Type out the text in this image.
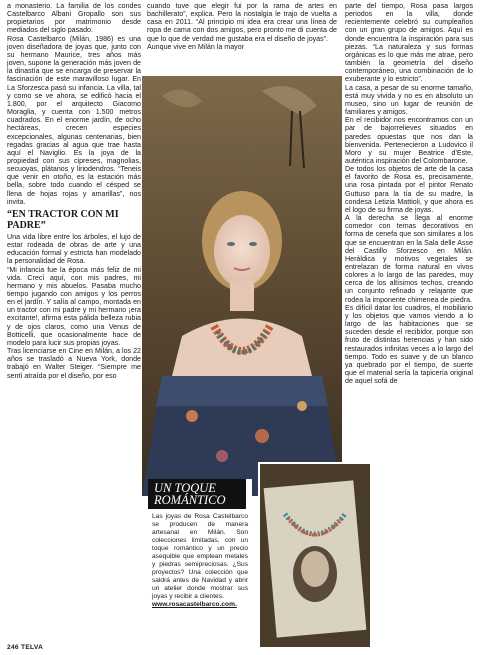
a monasterio. La familia de los condes Castelbarco Albani Gropallo son sus propietarios por matrimonio desde mediados del siglo pasado.

Rosa Castelbarco (Milán, 1986) es una joven diseñadora de joyas que, junto con su hermano Maurice, tres años más joven, supone la generación más joven de la dinastía que se encarga de preservar la fascinación de este maravilloso lugar. En La Sforzesca pasó su infancia. La villa, tal y como se ve ahora, se edificó hacia el 1.800, por el arquitecto Giacomo Moraglia, y cuenta con 1.500 metros cuadrados. En el enorme jardín, de ocho hectáreas, crecen especies excepcionales, algunas centenarias, bien regadas gracias al agua que trae hasta aquí el Naviglio. Es la joya de la propiedad con sus cipreses, magnolias, secuoyas, plátanos y liriodendros. “Teneis que venir en otoño, es la estación más bella, sobre todo cuando el césped se llena de hojas rojas y amarillas”, nos invita.

“EN TRACTOR CON MI PADRE”

Una vida libre entre los árboles, el lujo de estar rodeada de obras de arte y una educación formal y estricta han modelado la personalidad de Rosa.

“Mi infancia fue la época más feliz de mi vida. Crecí aquí, con mis padres, mi hermano y mis abuelos. Pasaba mucho tiempo jugando con amigos y los perros en el jardín. Y salía al campo, montada en un tractor con mi padre y mi hermano ¡era excitante!, afirma esta pálida belleza rubia y de ojos claros, como una Venus de Botticelli, que ocasionalmente hace de modelo para lucir sus propias joyas.

Tras licenciarse en Cine en Milán, a los 22 años se trasladó a Nueva York, donde trabajó en Walter Steiger. “Siempre me sentí atraída por el diseño, por eso

cuando tuve que elegir fui por la rama de artes en bachillerato”, explica. Pero la nostalgia le trajo de vuelta a casa en 2011. “Al principio mi idea era crear una línea de ropa de cama con dos amigos, pero pronto me di cuenta de que lo que de verdad me gustaba era el diseño de joyas”.

Aunque vive en Milán la mayor

UN TOQUE
ROMÁNTICO

Las joyas de Rosa Castelbarco se producen de manera artesanal en Milán. Son colecciones limitadas, con un toque romántico y un precio asequible que emplean metales y piedras semipreciosas. ¿Sus proyectos? Una colección que saldrá antes de Navidad y abrir un atelier donde mostrar sus joyas y recibir a clientes.

www.rosacastelbarco.com.

parte del tiempo, Rosa pasa largos periodos en la villa, donde recientemente celebró su cumpleaños con un gran grupo de amigos. Aquí es donde encuentra la inspiración para sus piezas. “La naturaleza y sus formas orgánicas es lo que más me atrae, pero también la geometría del diseño contemporáneo, una combinación de lo exuberante y lo estricto”.

La casa, a pesar de su enorme tamaño, está muy vivida y no es en absoluto un museo, sino un lugar de reunión de familiares y amigos.

En el recibidor nos encontramos con un par de bajorrelieves situados en paredes opuestas que nos dan la bienvenida. Pertenecieron a Ludovico il Moro y su mujer Beatrice d'Este, auténtica inspiración del Colombarone.

De todos los objetos de arte de la casa el favorito de Rosa es, precisamente, una rosa pintada por el pintor Renato Guttuso para la tía de su madre, la condesa Letizia Mattioli, y que ahora es el logo de su firma de joyas.

A la derecha se llega al enorme comedor con temas decorativos en forma de cenefa que son similares a los que se encuentran en la Sala delle Asse del Castillo Sforzesco en Milán. Heráldica y motivos vegetales se entrelazan de forma natural en vivos colores a lo largo de las paredes, muy cerca de los altísimos techos, creando un conjunto refinado y relajante que rodea la imponente chimenea de piedra.

Es difícil datar los cuadros, el mobiliario y los objetos que vamos viendo a lo largo de las habitaciones que se suceden desde el recibidor, porque son fruto de distintas herencias y han sido restaurados infinitas veces a lo largo del tiempo. Todo es suave y de un blanco ya quebrado por el tiempo, de suerte que el material sería la tapicería original de aquel sofá de

246 TELVA
